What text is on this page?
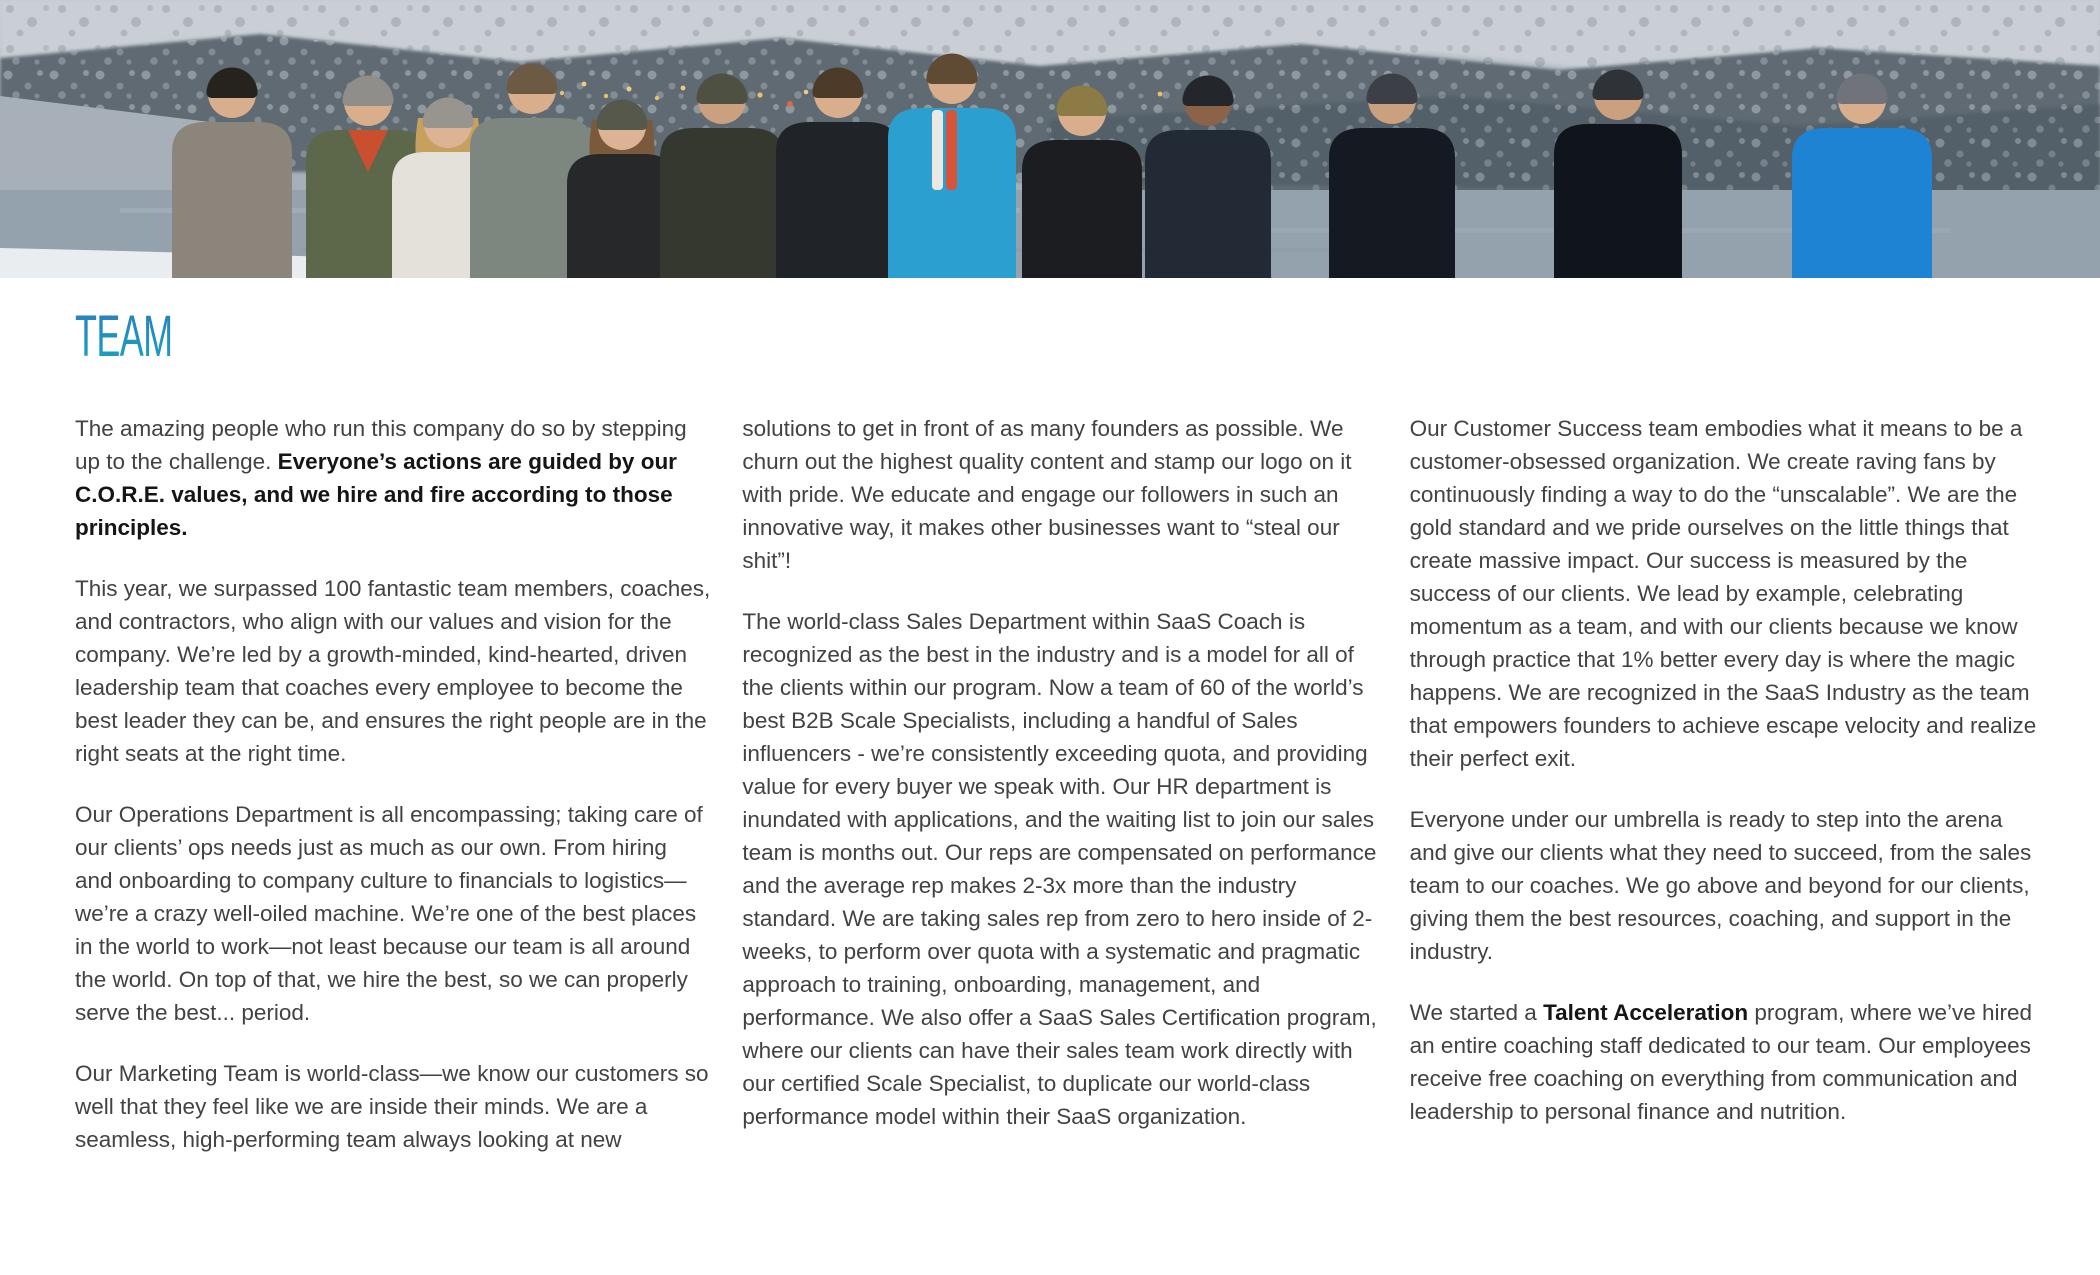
TEAM

The amazing people who run this company do so by stepping up to the challenge. Everyone’s actions are guided by our C.O.R.E. values, and we hire and fire according to those principles.

This year, we surpassed 100 fantastic team members, coaches, and contractors, who align with our values and vision for the company. We’re led by a growth-minded, kind-hearted, driven leadership team that coaches every employee to become the best leader they can be, and ensures the right people are in the right seats at the right time.

Our Operations Department is all encompassing; taking care of our clients’ ops needs just as much as our own. From hiring and onboarding to company culture to financials to logistics—we’re a crazy well-oiled machine. We’re one of the best places in the world to work—not least because our team is all around the world. On top of that, we hire the best, so we can properly serve the best... period.

Our Marketing Team is world-class—we know our customers so well that they feel like we are inside their minds. We are a seamless, high-performing team always looking at new

solutions to get in front of as many founders as possible. We churn out the highest quality content and stamp our logo on it with pride. We educate and engage our followers in such an innovative way, it makes other businesses want to “steal our shit”!

The world-class Sales Department within SaaS Coach is recognized as the best in the industry and is a model for all of the clients within our program. Now a team of 60 of the world’s best B2B Scale Specialists, including a handful of Sales influencers - we’re consistently exceeding quota, and providing value for every buyer we speak with. Our HR department is inundated with applications, and the waiting list to join our sales team is months out. Our reps are compensated on performance and the average rep makes 2-3x more than the industry standard. We are taking sales rep from zero to hero inside of 2-weeks, to perform over quota with a systematic and pragmatic approach to training, onboarding, management, and performance. We also offer a SaaS Sales Certification program, where our clients can have their sales team work directly with our certified Scale Specialist, to duplicate our world-class performance model within their SaaS organization.

Our Customer Success team embodies what it means to be a customer-obsessed organization. We create raving fans by continuously finding a way to do the “unscalable”. We are the gold standard and we pride ourselves on the little things that create massive impact. Our success is measured by the success of our clients. We lead by example, celebrating momentum as a team, and with our clients because we know through practice that 1% better every day is where the magic happens. We are recognized in the SaaS Industry as the team that empowers founders to achieve escape velocity and realize their perfect exit.

Everyone under our umbrella is ready to step into the arena and give our clients what they need to succeed, from the sales team to our coaches. We go above and beyond for our clients, giving them the best resources, coaching, and support in the industry.

We started a Talent Acceleration program, where we’ve hired an entire coaching staff dedicated to our team. Our employees receive free coaching on everything from communication and leadership to personal finance and nutrition.
